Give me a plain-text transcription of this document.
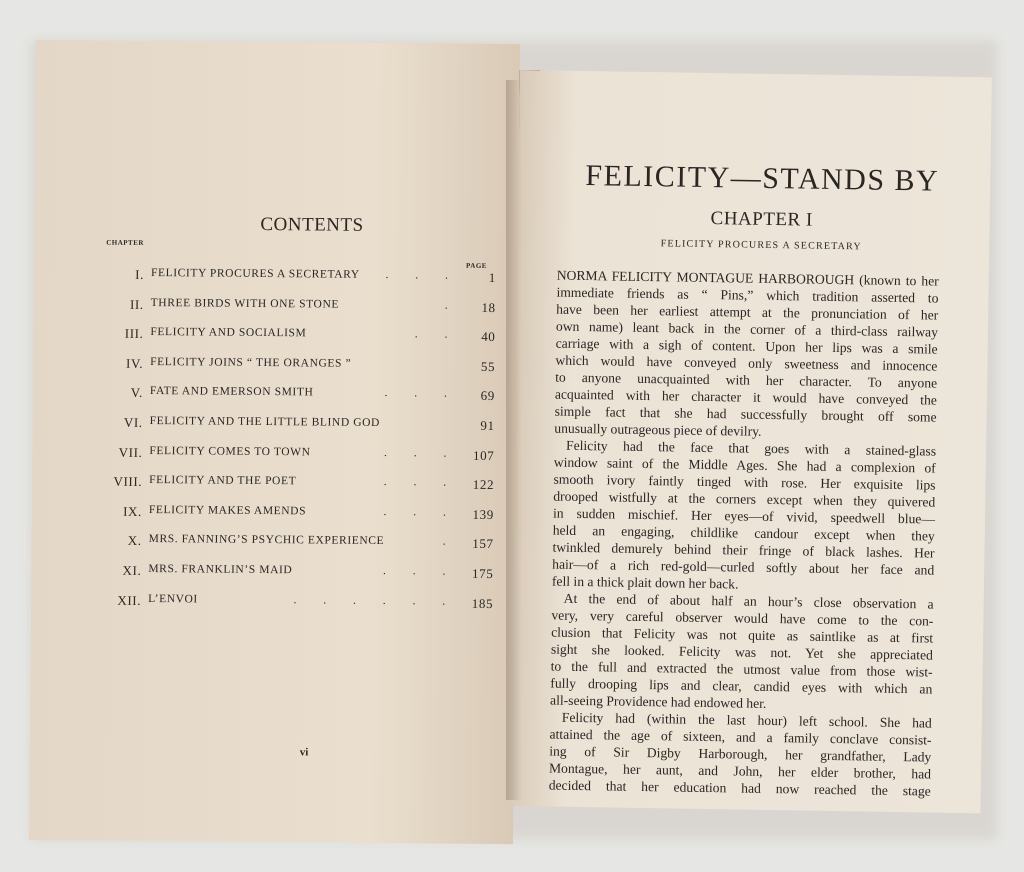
CONTENTS
CHAPTER
PAGE
I. FELICITY PROCURES A SECRETARY . . .	1
II. THREE BIRDS WITH ONE STONE	.	18
III. FELICITY AND SOCIALISM	. .	40
IV. FELICITY JOINS “ THE ORANGES ”	55
V. FATE AND EMERSON SMITH	. . .	69
VI. FELICITY AND THE LITTLE BLIND GOD	91
VII. FELICITY COMES TO TOWN	. . .	107
VIII. FELICITY AND THE POET	. . .	122
IX. FELICITY MAKES AMENDS	. . .	139
X. MRS. FANNING’S PSYCHIC EXPERIENCE	.	157
XI. MRS. FRANKLIN’S MAID	. . .	175
XII. L’ENVOI	. . . . . .	185
vi
FELICITY—STANDS BY
CHAPTER I
FELICITY PROCURES A SECRETARY
NORMA FELICITY MONTAGUE HARBOROUGH (known to her
immediate friends as “ Pins,” which tradition asserted to
have been her earliest attempt at the pronunciation of her
own name) leant back in the corner of a third-class railway
carriage with a sigh of content. Upon her lips was a smile
which would have conveyed only sweetness and innocence
to anyone unacquainted with her character. To anyone
acquainted with her character it would have conveyed the
simple fact that she had successfully brought off some
unusually outrageous piece of devilry.
Felicity had the face that goes with a stained-glass
window saint of the Middle Ages. She had a complexion of
smooth ivory faintly tinged with rose. Her exquisite lips
drooped wistfully at the corners except when they quivered
in sudden mischief. Her eyes—of vivid, speedwell blue—
held an engaging, childlike candour except when they
twinkled demurely behind their fringe of black lashes. Her
hair—of a rich red-gold—curled softly about her face and
fell in a thick plait down her back.
At the end of about half an hour’s close observation a
very, very careful observer would have come to the con-
clusion that Felicity was not quite as saintlike as at first
sight she looked. Felicity was not. Yet she appreciated
to the full and extracted the utmost value from those wist-
fully drooping lips and clear, candid eyes with which an
all-seeing Providence had endowed her.
Felicity had (within the last hour) left school. She had
attained the age of sixteen, and a family conclave consist-
ing of Sir Digby Harborough, her grandfather, Lady
Montague, her aunt, and John, her elder brother, had
decided that her education had now reached the stage
